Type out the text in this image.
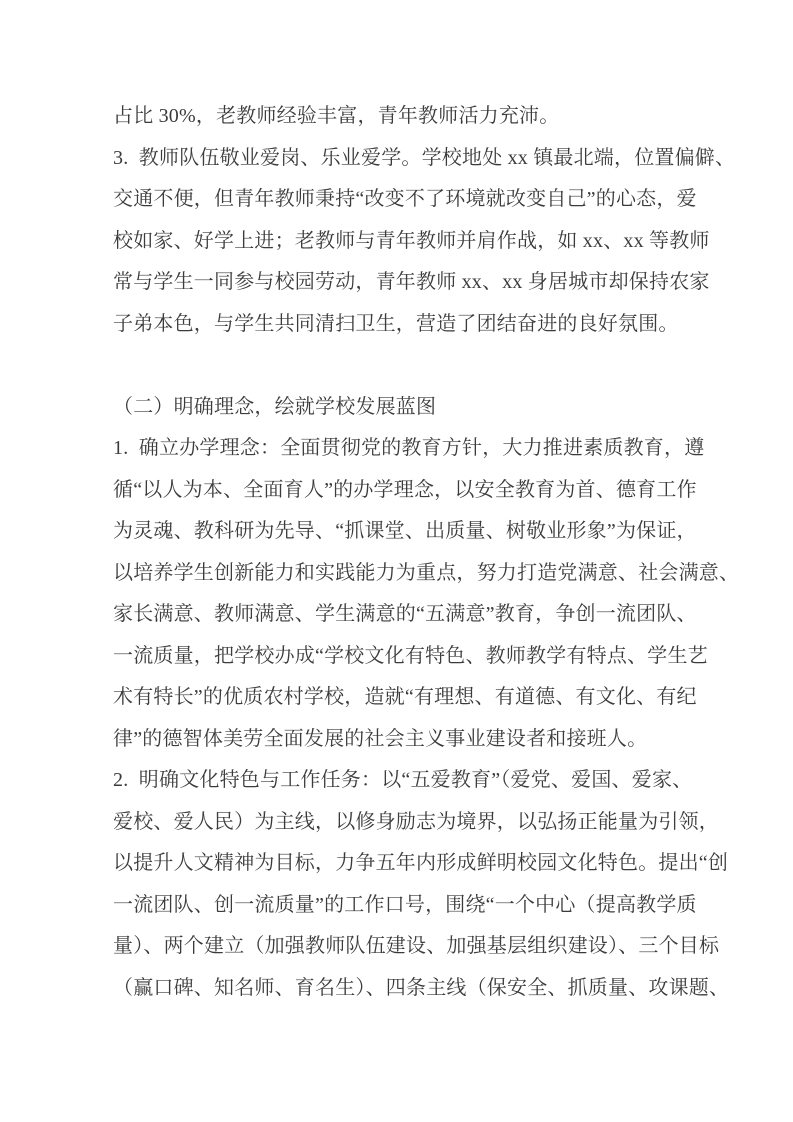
占比 30%，老教师经验丰富，青年教师活力充沛。
3.  教师队伍敬业爱岗、乐业爱学。学校地处 xx 镇最北端，位置偏僻、
交通不便，但青年教师秉持“改变不了环境就改变自己”的心态，爱
校如家、好学上进；老教师与青年教师并肩作战，如 xx、xx 等教师
常与学生一同参与校园劳动，青年教师 xx、xx 身居城市却保持农家
子弟本色，与学生共同清扫卫生，营造了团结奋进的良好氛围。
（二）明确理念，绘就学校发展蓝图
1.  确立办学理念：全面贯彻党的教育方针，大力推进素质教育，遵
循“以人为本、全面育人”的办学理念，以安全教育为首、德育工作
为灵魂、教科研为先导、“抓课堂、出质量、树敬业形象”为保证，
以培养学生创新能力和实践能力为重点，努力打造党满意、社会满意、
家长满意、教师满意、学生满意的“五满意”教育，争创一流团队、
一流质量，把学校办成“学校文化有特色、教师教学有特点、学生艺
术有特长”的优质农村学校，造就“有理想、有道德、有文化、有纪
律”的德智体美劳全面发展的社会主义事业建设者和接班人。
2.  明确文化特色与工作任务：以“五爱教育”（爱党、爱国、爱家、
爱校、爱人民）为主线，以修身励志为境界，以弘扬正能量为引领，
以提升人文精神为目标，力争五年内形成鲜明校园文化特色。提出“创
一流团队、创一流质量”的工作口号，围绕“一个中心（提高教学质
量）、两个建立（加强教师队伍建设、加强基层组织建设）、三个目标
（赢口碑、知名师、育名生）、四条主线（保安全、抓质量、攻课题、
